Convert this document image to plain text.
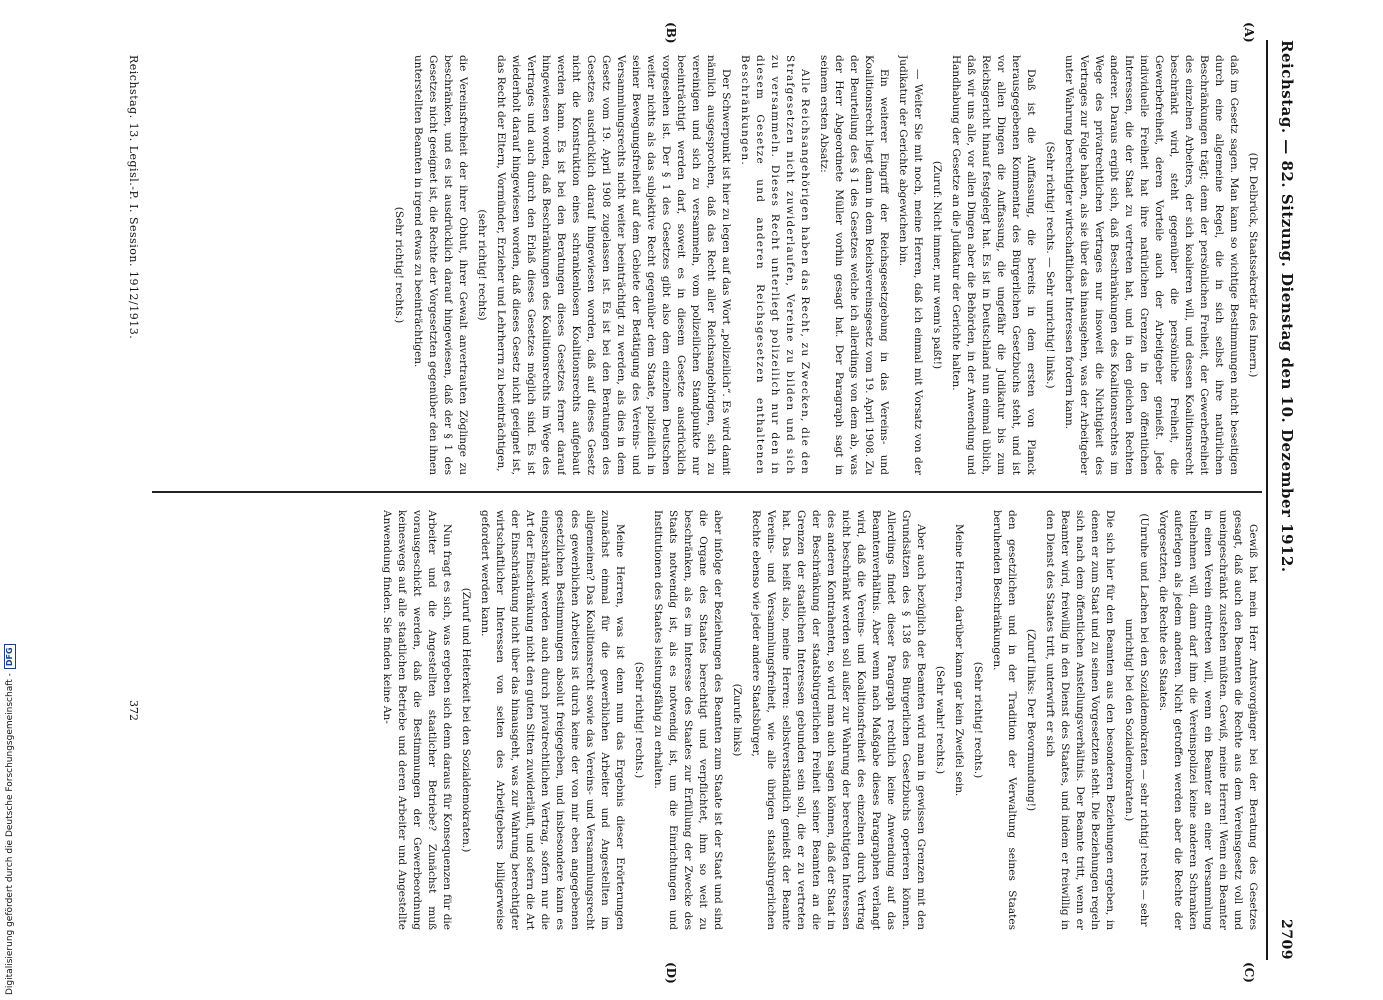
Digitalisierung gefördert durch die Deutsche Forschungsgemeinschaft -
DFG
Reichstag. — 82. Sitzung. Dienstag den 10. Dezember 1912.
2709
(A)
(B)
(C)
(D)

(Dr. Delbrück, Staatssekretär des Innern.)

daß im Gesetz sagen. Man kann so wichtige Bestimmungen nicht beseitigen durch eine allgemeine Regel, die in sich selbst ihre natürlichen Beschränkungen trägt; denn der persönlichen Freiheit, der Gewerbefreiheit des einzelnen Arbeiters, der sich koalieren will, und dessen Koalitionsrecht beschränkt wird, steht gegenüber die persönliche Freiheit, die Gewerbefreiheit, deren Vorteile auch der Arbeitgeber genießt. Jede individuelle Freiheit hat ihre natürlichen Grenzen in den öffentlichen Interessen, die der Staat zu vertreten hat, und in den gleichen Rechten anderer. Daraus ergibt sich, daß Beschränkungen des Koalitionsrechtes im Wege des privatrechtlichen Vertrages nur insoweit die Nichtigkeit des Vertrages zur Folge haben, als sie über das hinausgehen, was der Arbeitgeber unter Wahrung berechtigter wirtschaftlicher Interessen fordern kann.

(Sehr richtig! rechts. — Sehr unrichtig! links.)

Daß ist die Auffassung, die bereits in dem ersten von Planck herausgegebenen Kommentar des Bürgerlichen Gesetzbuchs steht, und ist vor allen Dingen die Auffassung, die ungefähr die Judikatur bis zum Reichsgericht hinauf festgelegt hat. Es ist in Deutschland nun einmal üblich, daß wir uns alle, vor allen Dingen aber die Behörden, in der Anwendung und Handhabung der Gesetze an die Judikatur der Gerichte halten.

(Zuruf: Nicht immer, nur wenn's paßt!)

— Weiter Sie mit noch, meine Herren, daß ich einmal mit Vorsatz von der Judikatur der Gerichte abgewichen bin.

Ein weiterer Eingriff der Reichsgesetzgebung in das Vereins- und Koalitionsrecht liegt dann in dem Reichsvereinsgesetz vom 19. April 1908. Zu der Beurteilung des § 1 des Gesetzes welche ich allerdings von dem ab, was der Herr Abgeordnete Müller vorhin gesagt hat. Der Paragraph sagt in seinem ersten Absatz:

Alle Reichsangehörigen haben das Recht, zu Zwecken, die den Strafgesetzen nicht zuwiderlaufen, Vereine zu bilden und sich zu versammeln. Dieses Recht unterliegt polizeilich nur den in diesem Gesetze und anderen Reichsgesetzen enthaltenen Beschränkungen.

Der Schwerpunkt ist hier zu legen auf das Wort „polizeilich“. Es wird damit nämlich ausgesprochen, daß das Recht aller Reichsangehörigen, sich zu vereinigen und sich zu versammeln, vom polizeilichen Standpunkte nur beeinträchtigt werden darf, soweit es in diesem Gesetze ausdrücklich vorgesehen ist. Der § 1 des Gesetzes gibt also dem einzelnen Deutschen weiter nichts als das subjektive Recht gegenüber dem Staate, polizeilich in seiner Bewegungsfreiheit auf dem Gebiete der Betätigung des Vereins- und Versammlungsrechts nicht weiter beeinträchtigt zu werden, als dies in dem Gesetz vom 19. April 1908 zugelassen ist. Es ist bei den Beratungen des Gesetzes ausdrücklich darauf hingewiesen worden, daß auf dieses Gesetz nicht die Konstruktion eines schrankenlosen Koalitionsrechts aufgebaut werden kann. Es ist bei den Beratungen dieses Gesetzes ferner darauf hingewiesen worden, daß Beschränkungen des Koalitionsrechts im Wege des Vertrages und auch durch den Erlaß dieses Gesetzes möglich sind. Es ist wiederholt darauf hingewiesen worden, daß dieses Gesetz nicht geeignet ist, das Recht der Eltern, Vormünder, Erzieher und Lehrherrn zu beeinträchtigen,

(sehr richtig! rechts)

die Vereinsfreiheit der ihrer Obhut, ihrer Gewalt anvertrauten Zöglinge zu beschränken, und es ist ausdrücklich darauf hingewiesen, daß der § 1 des Gesetzes nicht geeignet ist, die Rechte der Vorgesetzten gegenüber den ihnen unterstellten Beamten in irgend etwas zu beeinträchtigen.

(Sehr richtig! rechts.)

Gewiß hat mein Herr Amtsvorgänger bei der Beratung des Gesetzes gesagt, daß auch den Beamten die Rechte aus dem Vereinsgesetz voll und uneingeschränkt zustehen müßten. Gewiß, meine Herren! Wenn ein Beamter in einen Verein eintreten will, wenn ein Beamter an einer Versammlung teilnehmen will, dann darf ihm die Vereinspolizei keine anderen Schranken auferlegen als jedem anderen. Nicht getroffen werden aber die Rechte der Vorgesetzten, die Rechte des Staates.

(Unruhe und Lachen bei den Sozialdemokraten — sehr richtig! rechts — sehr unrichtig! bei den Sozialdemokraten.)

Die sich hier für den Beamten aus den besonderen Beziehungen ergeben, in denen er zum Staat und zu seinen Vorgesetzten steht. Die Beziehungen regeln sich nach dem öffentlichen Anstellungsverhältnis. Der Beamte tritt, wenn er Beamter wird, freiwillig in den Dienst des Staates, und indem er freiwillig in den Dienst des Staates tritt, unterwirft er sich

(Zuruf links: Der Bevormundung!)

den gesetzlichen und in der Tradition der Verwaltung seines Staates beruhenden Beschränkungen.

(Sehr richtig! rechts.)

Meine Herren, darüber kann gar kein Zweifel sein.

(Sehr wahr! rechts.)

Aber auch bezüglich der Beamten wird man in gewissen Grenzen mit den Grundsätzen des § 138 des Bürgerlichen Gesetzbuchs operieren können. Allerdings findet dieser Paragraph rechtlich keine Anwendung auf das Beamtenverhältnis. Aber wenn nach Maßgabe dieses Paragraphen verlangt wird, daß die Vereins- und Koalitionsfreiheit des einzelnen durch Vertrag nicht beschränkt werden soll außer zur Wahrung der berechtigten Interessen des anderen Kontrahenten, so wird man auch sagen können, daß der Staat in der Beschränkung der staatsbürgerlichen Freiheit seiner Beamten an die Grenzen der staatlichen Interessen gebunden sein soll, die er zu vertreten hat. Das heißt also, meine Herren: selbstverständlich genießt der Beamte Vereins- und Versammlungsfreiheit, wie alle übrigen staatsbürgerlichen Rechte ebenso wie jeder andere Staatsbürger,

(Zurufe links)

aber infolge der Beziehungen des Beamten zum Staate ist der Staat und sind die Organe des Staates berechtigt und verpflichtet, ihm so weit zu beschränken, als es im Interesse des Staates zur Erfüllung der Zwecke des Staats notwendig ist, als es notwendig ist, um die Einrichtungen und Institutionen des Staates leistungsfähig zu erhalten.

(Sehr richtig! rechts.)

Meine Herren, was ist denn nun das Ergebnis dieser Erörterungen zunächst einmal für die gewerblichen Arbeiter und Angestellten im allgemeinen? Das Koalitionsrecht sowie das Vereins- und Versammlungsrecht des gewerblichen Arbeiters ist durch keine der von mir eben angegebenen gesetzlichen Bestimmungen absolut freigegeben, und insbesondere kann es eingeschränkt werden auch durch privatrechtlichen Vertrag, sofern nur die Art der Einschränkung nicht den guten Sitten zuwiderläuft, und sofern die Art der Einschränkung nicht über das hinausgeht, was zur Wahrung berechtigter wirtschaftlicher Interessen von seiten des Arbeitgebers billigerweise gefordert werden kann.

(Zuruf und Heiterkeit bei den Sozialdemokraten.)

Nun fragt es sich, was ergeben sich denn daraus für Konsequenzen für die Arbeiter und die Angestellten staatlicher Betriebe? Zunächst muß vorausgeschickt werden, daß die Bestimmungen der Gewerbeordnung keineswegs auf alle staatlichen Betriebe und deren Arbeiter und Angestellte Anwendung finden. Sie finden keine An-

Reichstag. 13. Legisl.-P. I. Session. 1912/1913.
372
